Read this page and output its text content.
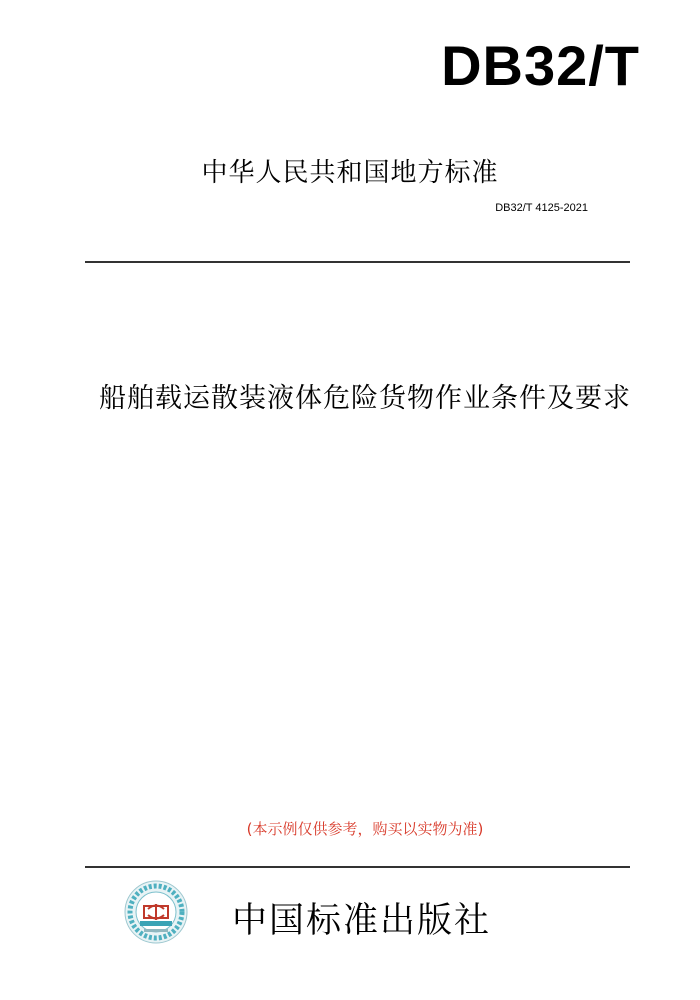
DB32/T
中华人民共和国地方标准
DB32/T 4125-2021
船舶载运散装液体危险货物作业条件及要求
(本示例仅供参考，购买以实物为准)
中国标准出版社
